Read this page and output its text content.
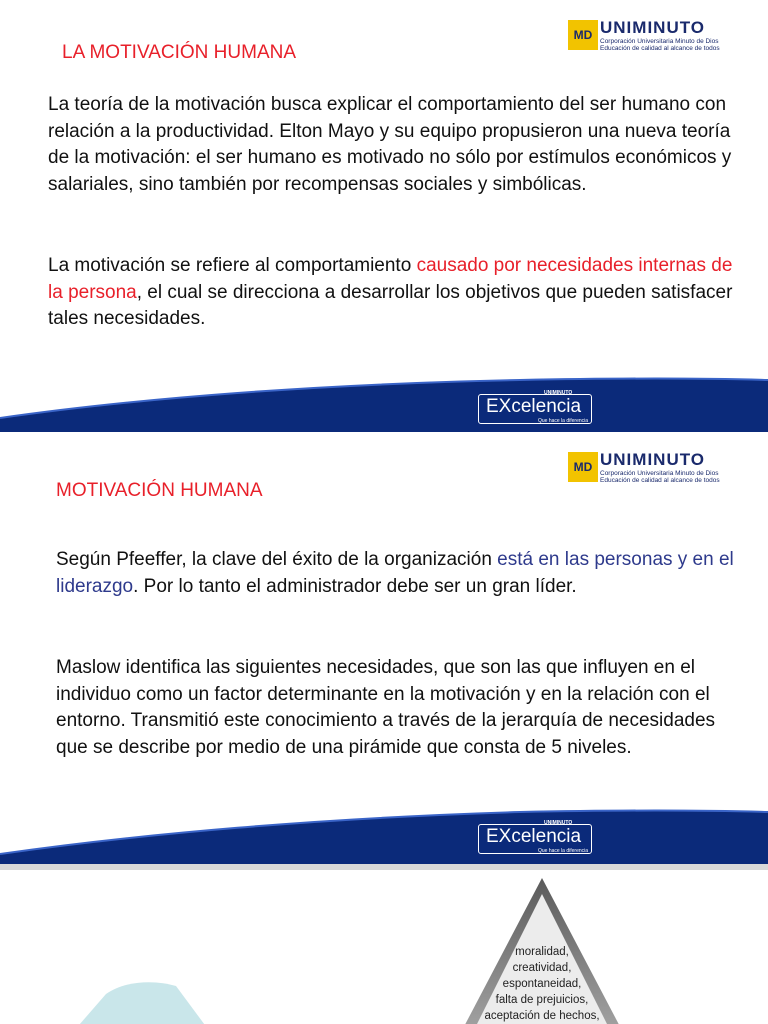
MD UNIMINUTO
Corporación Universitaria Minuto de Dios
Educación de calidad al alcance de todos
LA MOTIVACIÓN HUMANA
La teoría de la motivación busca explicar el comportamiento del ser humano con relación a la productividad. Elton Mayo y su equipo propusieron una nueva teoría de la motivación: el ser humano es motivado no sólo por estímulos económicos y salariales, sino también por recompensas sociales y simbólicas.
La motivación se refiere al comportamiento causado por necesidades internas de la persona, el cual se direcciona a desarrollar los objetivos que pueden satisfacer tales necesidades.
UNIMINUTO
EXcelencia
Que hace la diferencia
MD UNIMINUTO
Corporación Universitaria Minuto de Dios
Educación de calidad al alcance de todos
MOTIVACIÓN HUMANA
Según Pfeeffer, la clave del éxito de la organización está en las personas y en el liderazgo. Por lo tanto el administrador debe ser un gran líder.
Maslow identifica las siguientes necesidades, que son las que influyen en el individuo como un factor determinante en la motivación y en la relación con el entorno. Transmitió este conocimiento a través de la jerarquía de necesidades que se describe por medio de una pirámide que consta de 5 niveles.
UNIMINUTO
EXcelencia
Que hace la diferencia
moralidad,
creatividad,
espontaneidad,
falta de prejuicios,
aceptación de hechos,
